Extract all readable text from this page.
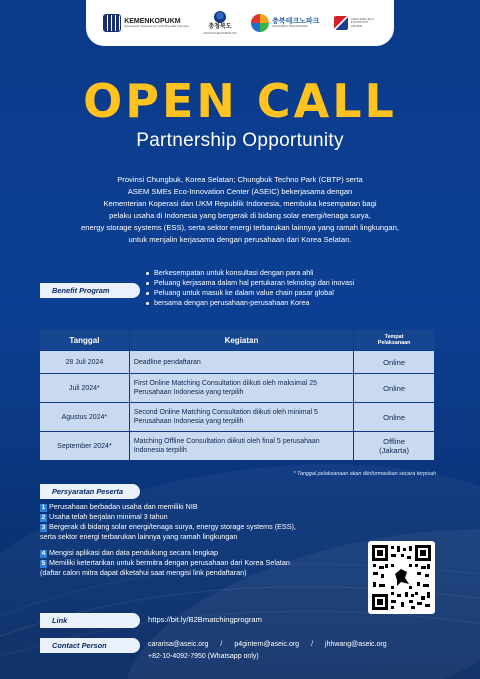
KEMENKOPUKM
Kementerian Koperasi dan UKM Republik Indonesia	충청북도
CHUNGCHEONGBUK-DO
충북테크노파크
CHUNGBUK TECHNOPARK
ASEM SMEs ECO-INNOVATION CENTER
OPEN CALL
Partnership Opportunity
Provinsi Chungbuk, Korea Selatan; Chungbuk Techno Park (CBTP) serta
ASEM SMEs Eco-Innovation Center (ASEIC) bekerjasama dengan
Kementerian Koperasi dan UKM Republik Indonesia, membuka kesempatan bagi
pelaku usaha di Indonesia yang bergerak di bidang solar energi/tenaga surya,
energy storage systems (ESS), serta sektor energi terbarukan lainnya yang ramah lingkungan,
untuk menjalin kerjasama dengan perusahaan dari Korea Selatan.
Benefit Program
Berkesempatan untuk konsultasi dengan para ahli
Peluang kerjasama dalam hal pertukaran teknologi dan inovasi
Peluang untuk masuk ke dalam value chain pasar global
bersama dengan perusahaan-perusahaan Korea
Tanggal	Kegiatan	Tempat
Pelaksanaan
28 Juli 2024	Deadline pendaftaran	Online
Juli 2024*	First Online Matching Consultation diikuti oleh maksimal 25 Perusahaan Indonesia yang terpilih	Online
Agustus 2024*	Second Online Matching Consultation diikuti oleh minimal 5 Perusahaan Indonesia yang terpilih	Online
September 2024*	Matching Offline Consultation diikuti oleh final 5 perusahaan Indonesia terpilih	Offline
(Jakarta)
* Tanggal pelaksanaan akan diinformasikan secara terpisah
Persyaratan Peserta
1 Perusahaan berbadan usaha dan memiliki NIB
2 Usaha telah berjalan minimal 3 tahun
3 Bergerak di bidang solar energi/tenaga surya, energy storage systems (ESS),
serta sektor energi terbarukan lainnya yang ramah lingkungan
4 Mengisi aplikasi dan data pendukung secara lengkap
5 Memiliki ketertarikan untuk bermitra dengan perusahaan dari Korea Selatan
(daftar calon mitra dapat diketahui saat mengisi link pendaftaran)
Link	https://bit.ly/B2Bmatchingprogram
Contact Person	cararisa@aseic.org / p4gintern@aseic.org / jhhwang@aseic.org
+82-10-4092-7950 (Whatsapp only)
